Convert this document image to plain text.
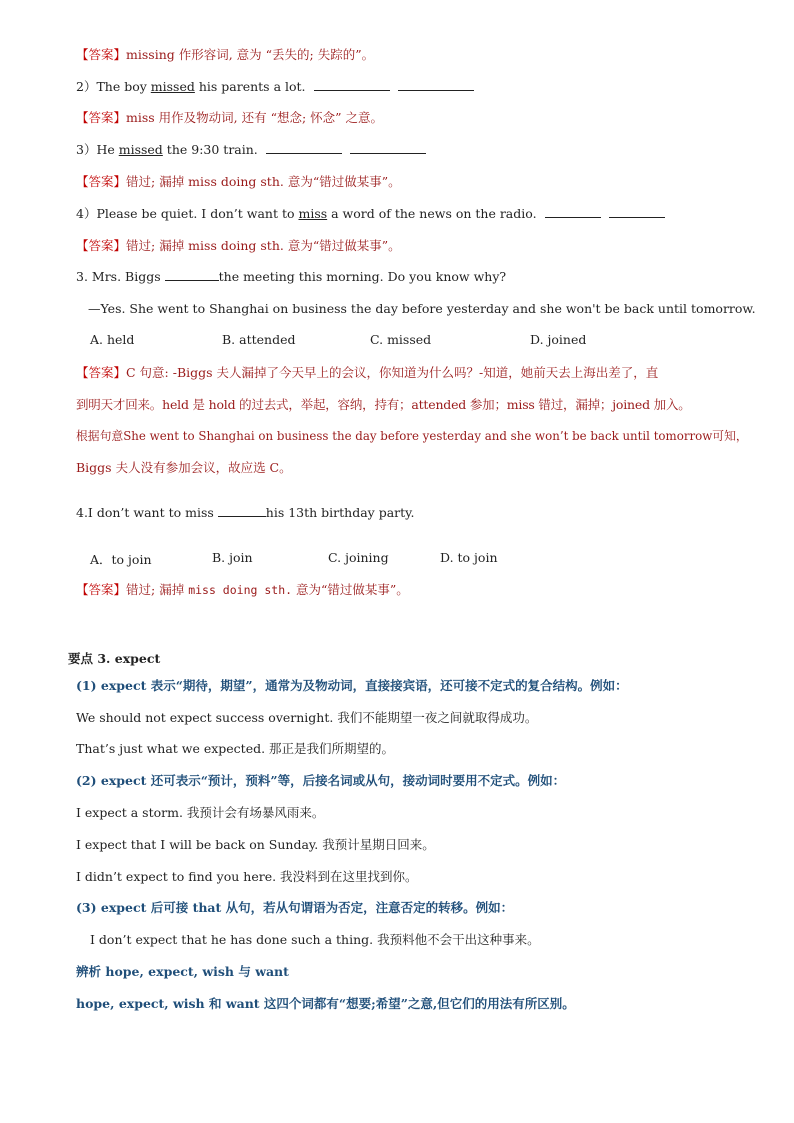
【答案】missing 作形容词, 意为 “丢失的; 失踪的”。
2）The boy missed his parents a lot.
【答案】miss 用作及物动词, 还有 “想念; 怀念” 之意。
3）He missed the 9:30 train.
【答案】错过; 漏掉 miss doing sth. 意为“错过做某事”。
4）Please be quiet. I don’t want to miss a word of the news on the radio.
【答案】错过; 漏掉 miss doing sth. 意为“错过做某事”。
3. Mrs. Biggs	the meeting this morning. Do you know why?
—Yes. She went to Shanghai on business the day before yesterday and she won't be back until tomorrow.
A. held	B. attended	C. missed	D. joined
【答案】C 句意: -Biggs 夫人漏掉了今天早上的会议，你知道为什么吗？-知道，她前天去上海出差了，直
到明天才回来。held 是 hold 的过去式，举起，容纳，持有；attended 参加；miss 错过，漏掉；joined 加入。
根据句意She went to Shanghai on business the day before yesterday and she won’t be back until tomorrow可知，
Biggs 夫人没有参加会议，故应选 C。
4.I don’t want to miss	his 13th birthday party.
A．to join	B. join	C. joining	D. to join
【答案】错过; 漏掉 miss doing sth. 意为“错过做某事”。
要点 3. expect
(1) expect 表示“期待，期望”，通常为及物动词，直接接宾语，还可接不定式的复合结构。例如：
We should not expect success overnight. 我们不能期望一夜之间就取得成功。
That’s just what we expected. 那正是我们所期望的。
(2) expect 还可表示“预计，预料”等，后接名词或从句，接动词时要用不定式。例如：
I expect a storm. 我预计会有场暴风雨来。
I expect that I will be back on Sunday. 我预计星期日回来。
I didn’t expect to find you here. 我没料到在这里找到你。
(3) expect 后可接 that 从句，若从句谓语为否定，注意否定的转移。例如：
I don’t expect that he has done such a thing. 我预料他不会干出这种事来。
辨析 hope, expect, wish 与 want
hope, expect, wish 和 want 这四个词都有“想要;希望”之意,但它们的用法有所区别。
